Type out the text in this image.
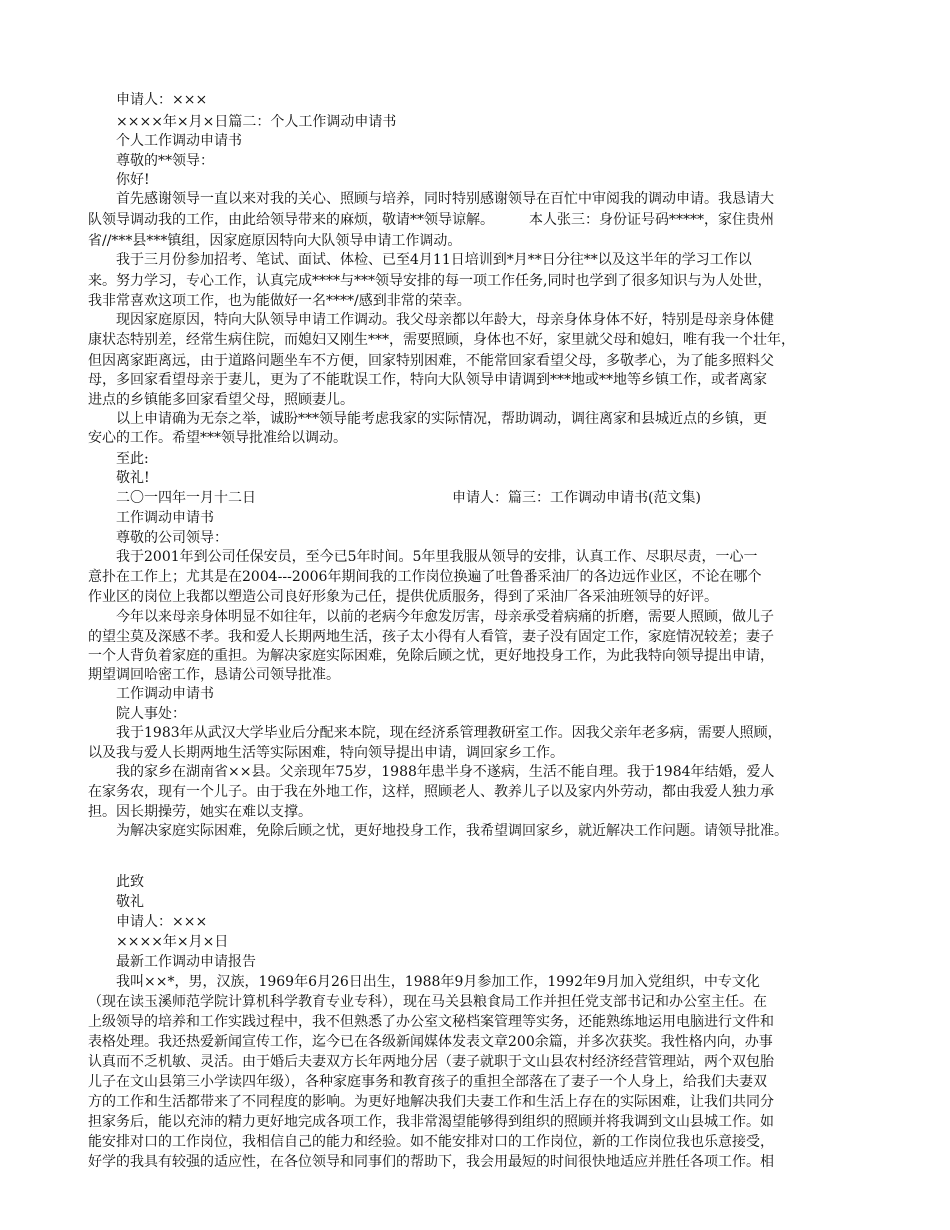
　　申请人：×××
　　××××年×月×日篇二：个人工作调动申请书
　　个人工作调动申请书
　　尊敬的**领导：
　　你好!
　　首先感谢领导一直以来对我的关心、照顾与培养，同时特别感谢领导在百忙中审阅我的调动申请。我恳请大
队领导调动我的工作，由此给领导带来的麻烦，敬请**领导谅解。　　　本人张三：身份证号码*****，家住贵州
省//***县***镇组，因家庭原因特向大队领导申请工作调动。
　　我于三月份参加招考、笔试、面试、体检、已至4月11日培训到*月**日分往**以及这半年的学习工作以
来。努力学习，专心工作，认真完成****与***领导安排的每一项工作任务,同时也学到了很多知识与为人处世，
我非常喜欢这项工作，也为能做好一名****/感到非常的荣幸。
　　现因家庭原因，特向大队领导申请工作调动。我父母亲都以年龄大，母亲身体身体不好，特别是母亲身体健
康状态特别差，经常生病住院，而媳妇又刚生***，需要照顾，身体也不好，家里就父母和媳妇，唯有我一个壮年，
但因离家距离远，由于道路问题坐车不方便，回家特别困难，不能常回家看望父母，多敬孝心，为了能多照料父
母，多回家看望母亲于妻儿，更为了不能耽误工作，特向大队领导申请调到***地或**地等乡镇工作，或者离家
进点的乡镇能多回家看望父母，照顾妻儿。
　　以上申请确为无奈之举，诚盼***领导能考虑我家的实际情况，帮助调动，调往离家和县城近点的乡镇，更
安心的工作。希望***领导批准给以调动。
　　至此:
　　敬礼!
　　二〇一四年一月十二日　　　　　　　　　　　　　　申请人：篇三：工作调动申请书(范文集)
　　工作调动申请书
　　尊敬的公司领导：
　　我于2001年到公司任保安员，至今已5年时间。5年里我服从领导的安排，认真工作、尽职尽责，一心一
意扑在工作上；尤其是在2004---2006年期间我的工作岗位换遍了吐鲁番采油厂的各边远作业区，不论在哪个
作业区的岗位上我都以塑造公司良好形象为己任，提供优质服务，得到了采油厂各采油班领导的好评。
　　今年以来母亲身体明显不如往年，以前的老病今年愈发厉害，母亲承受着病痛的折磨，需要人照顾，做儿子
的望尘莫及深感不孝。我和爱人长期两地生活，孩子太小得有人看管，妻子没有固定工作，家庭情况较差；妻子
一个人背负着家庭的重担。为解决家庭实际困难，免除后顾之忧，更好地投身工作，为此我特向领导提出申请，
期望调回哈密工作，恳请公司领导批准。
　　工作调动申请书
　　院人事处：
　　我于1983年从武汉大学毕业后分配来本院，现在经济系管理教研室工作。因我父亲年老多病，需要人照顾，
以及我与爱人长期两地生活等实际困难，特向领导提出申请，调回家乡工作。
　　我的家乡在湖南省××县。父亲现年75岁，1988年患半身不遂病，生活不能自理。我于1984年结婚，爱人
在家务农，现有一个儿子。由于我在外地工作，这样，照顾老人、教养儿子以及家内外劳动，都由我爱人独力承
担。因长期操劳，她实在难以支撑。
　　为解决家庭实际困难，免除后顾之忧，更好地投身工作，我希望调回家乡，就近解决工作问题。请领导批准。
　　此致
　　敬礼
　　申请人：×××
　　××××年×月×日
　　最新工作调动申请报告
　　我叫××*，男，汉族，1969年6月26日出生，1988年9月参加工作，1992年9月加入党组织，中专文化
（现在读玉溪师范学院计算机科学教育专业专科），现在马关县粮食局工作并担任党支部书记和办公室主任。在
上级领导的培养和工作实践过程中，我不但熟悉了办公室文秘档案管理等实务，还能熟练地运用电脑进行文件和
表格处理。我还热爱新闻宣传工作，迄今已在各级新闻媒体发表文章200余篇，并多次获奖。我性格内向，办事
认真而不乏机敏、灵活。由于婚后夫妻双方长年两地分居（妻子就职于文山县农村经济经营管理站，两个双包胎
儿子在文山县第三小学读四年级），各种家庭事务和教育孩子的重担全部落在了妻子一个人身上，给我们夫妻双
方的工作和生活都带来了不同程度的影响。为更好地解决我们夫妻工作和生活上存在的实际困难，让我们共同分
担家务后，能以充沛的精力更好地完成各项工作，我非常渴望能够得到组织的照顾并将我调到文山县城工作。如
能安排对口的工作岗位，我相信自己的能力和经验。如不能安排对口的工作岗位，新的工作岗位我也乐意接受，
好学的我具有较强的适应性，在各位领导和同事们的帮助下，我会用最短的时间很快地适应并胜任各项工作。相
